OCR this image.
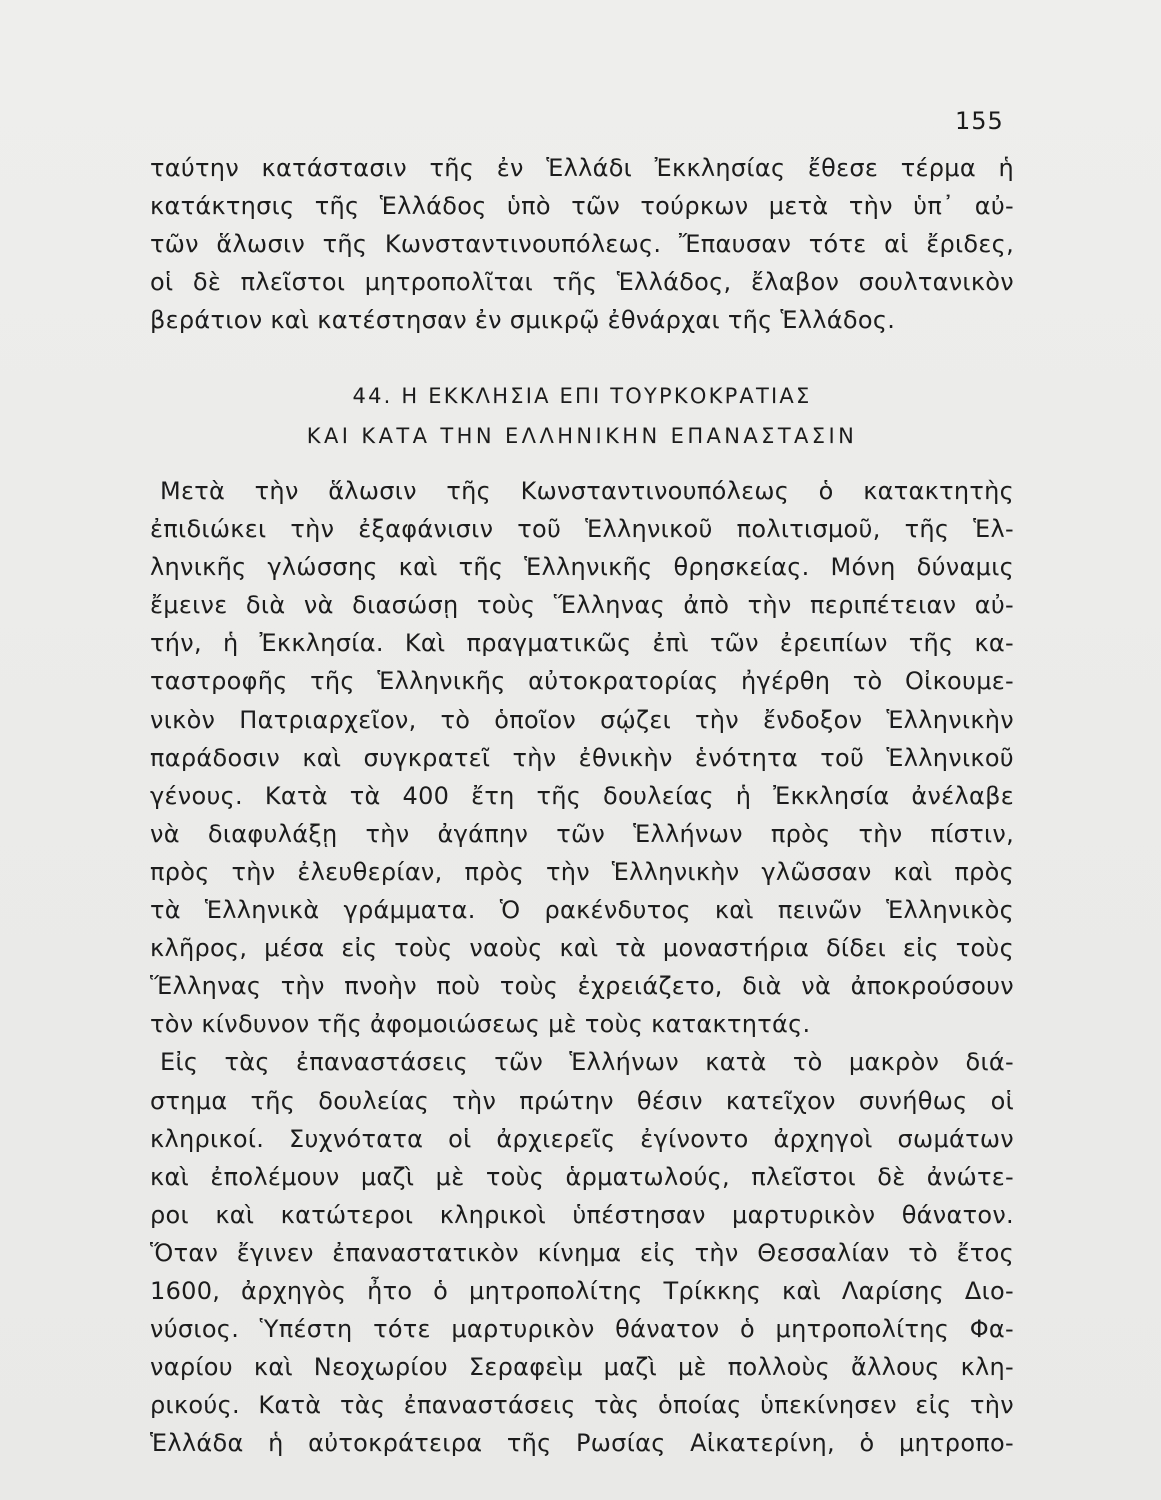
155
ταύτην κατάστασιν τῆς ἐν Ἑλλάδι Ἐκκλησίας ἔθεσε τέρμα ἡ
κατάκτησις τῆς Ἑλλάδος ὑπὸ τῶν τούρκων μετὰ τὴν ὑπ᾿ αὐ-
τῶν ἅλωσιν τῆς Κωνσταντινουπόλεως. Ἔπαυσαν τότε αἱ ἔριδες,
οἱ δὲ πλεῖστοι μητροπολῖται τῆς Ἑλλάδος, ἔλαβον σουλτανικὸν
βεράτιον καὶ κατέστησαν ἐν σμικρῷ ἐθνάρχαι τῆς Ἑλλάδος.
44. Η ΕΚΚΛΗΣΙΑ ΕΠΙ ΤΟΥΡΚΟΚΡΑΤΙΑΣ
ΚΑΙ ΚΑΤΑ ΤΗΝ ΕΛΛΗΝΙΚΗΝ ΕΠΑΝΑΣΤΑΣΙΝ
Μετὰ τὴν ἅλωσιν τῆς Κωνσταντινουπόλεως ὁ κατακτητὴς
ἐπιδιώκει τὴν ἐξαφάνισιν τοῦ Ἑλληνικοῦ πολιτισμοῦ, τῆς Ἑλ-
ληνικῆς γλώσσης καὶ τῆς Ἑλληνικῆς θρησκείας. Μόνη δύναμις
ἔμεινε διὰ νὰ διασώσῃ τοὺς Ἕλληνας ἀπὸ τὴν περιπέτειαν αὐ-
τήν, ἡ Ἐκκλησία. Καὶ πραγματικῶς ἐπὶ τῶν ἐρειπίων τῆς κα-
ταστροφῆς τῆς Ἑλληνικῆς αὐτοκρατορίας ἠγέρθη τὸ Οἰκουμε-
νικὸν Πατριαρχεῖον, τὸ ὁποῖον σῴζει τὴν ἔνδοξον Ἑλληνικὴν
παράδοσιν καὶ συγκρατεῖ τὴν ἐθνικὴν ἑνότητα τοῦ Ἑλληνικοῦ
γένους. Κατὰ τὰ 400 ἔτη τῆς δουλείας ἡ Ἐκκλησία ἀνέλαβε
νὰ διαφυλάξῃ τὴν ἀγάπην τῶν Ἑλλήνων πρὸς τὴν πίστιν,
πρὸς τὴν ἐλευθερίαν, πρὸς τὴν Ἑλληνικὴν γλῶσσαν καὶ πρὸς
τὰ Ἑλληνικὰ γράμματα. Ὁ ρακένδυτος καὶ πεινῶν Ἑλληνικὸς
κλῆρος, μέσα εἰς τοὺς ναοὺς καὶ τὰ μοναστήρια δίδει εἰς τοὺς
Ἕλληνας τὴν πνοὴν ποὺ τοὺς ἐχρειάζετο, διὰ νὰ ἀποκρούσουν
τὸν κίνδυνον τῆς ἀφομοιώσεως μὲ τοὺς κατακτητάς.
Εἰς τὰς ἐπαναστάσεις τῶν Ἑλλήνων κατὰ τὸ μακρὸν διά-
στημα τῆς δουλείας τὴν πρώτην θέσιν κατεῖχον συνήθως οἱ
κληρικοί. Συχνότατα οἱ ἀρχιερεῖς ἐγίνοντο ἀρχηγοὶ σωμάτων
καὶ ἐπολέμουν μαζὶ μὲ τοὺς ἁρματωλούς, πλεῖστοι δὲ ἀνώτε-
ροι καὶ κατώτεροι κληρικοὶ ὑπέστησαν μαρτυρικὸν θάνατον.
Ὅταν ἔγινεν ἐπαναστατικὸν κίνημα εἰς τὴν Θεσσαλίαν τὸ ἔτος
1600, ἀρχηγὸς ἦτο ὁ μητροπολίτης Τρίκκης καὶ Λαρίσης Διο-
νύσιος. Ὑπέστη τότε μαρτυρικὸν θάνατον ὁ μητροπολίτης Φα-
ναρίου καὶ Νεοχωρίου Σεραφεὶμ μαζὶ μὲ πολλοὺς ἄλλους κλη-
ρικούς. Κατὰ τὰς ἐπαναστάσεις τὰς ὁποίας ὑπεκίνησεν εἰς τὴν
Ἑλλάδα ἡ αὐτοκράτειρα τῆς Ρωσίας Αἰκατερίνη, ὁ μητροπο-
